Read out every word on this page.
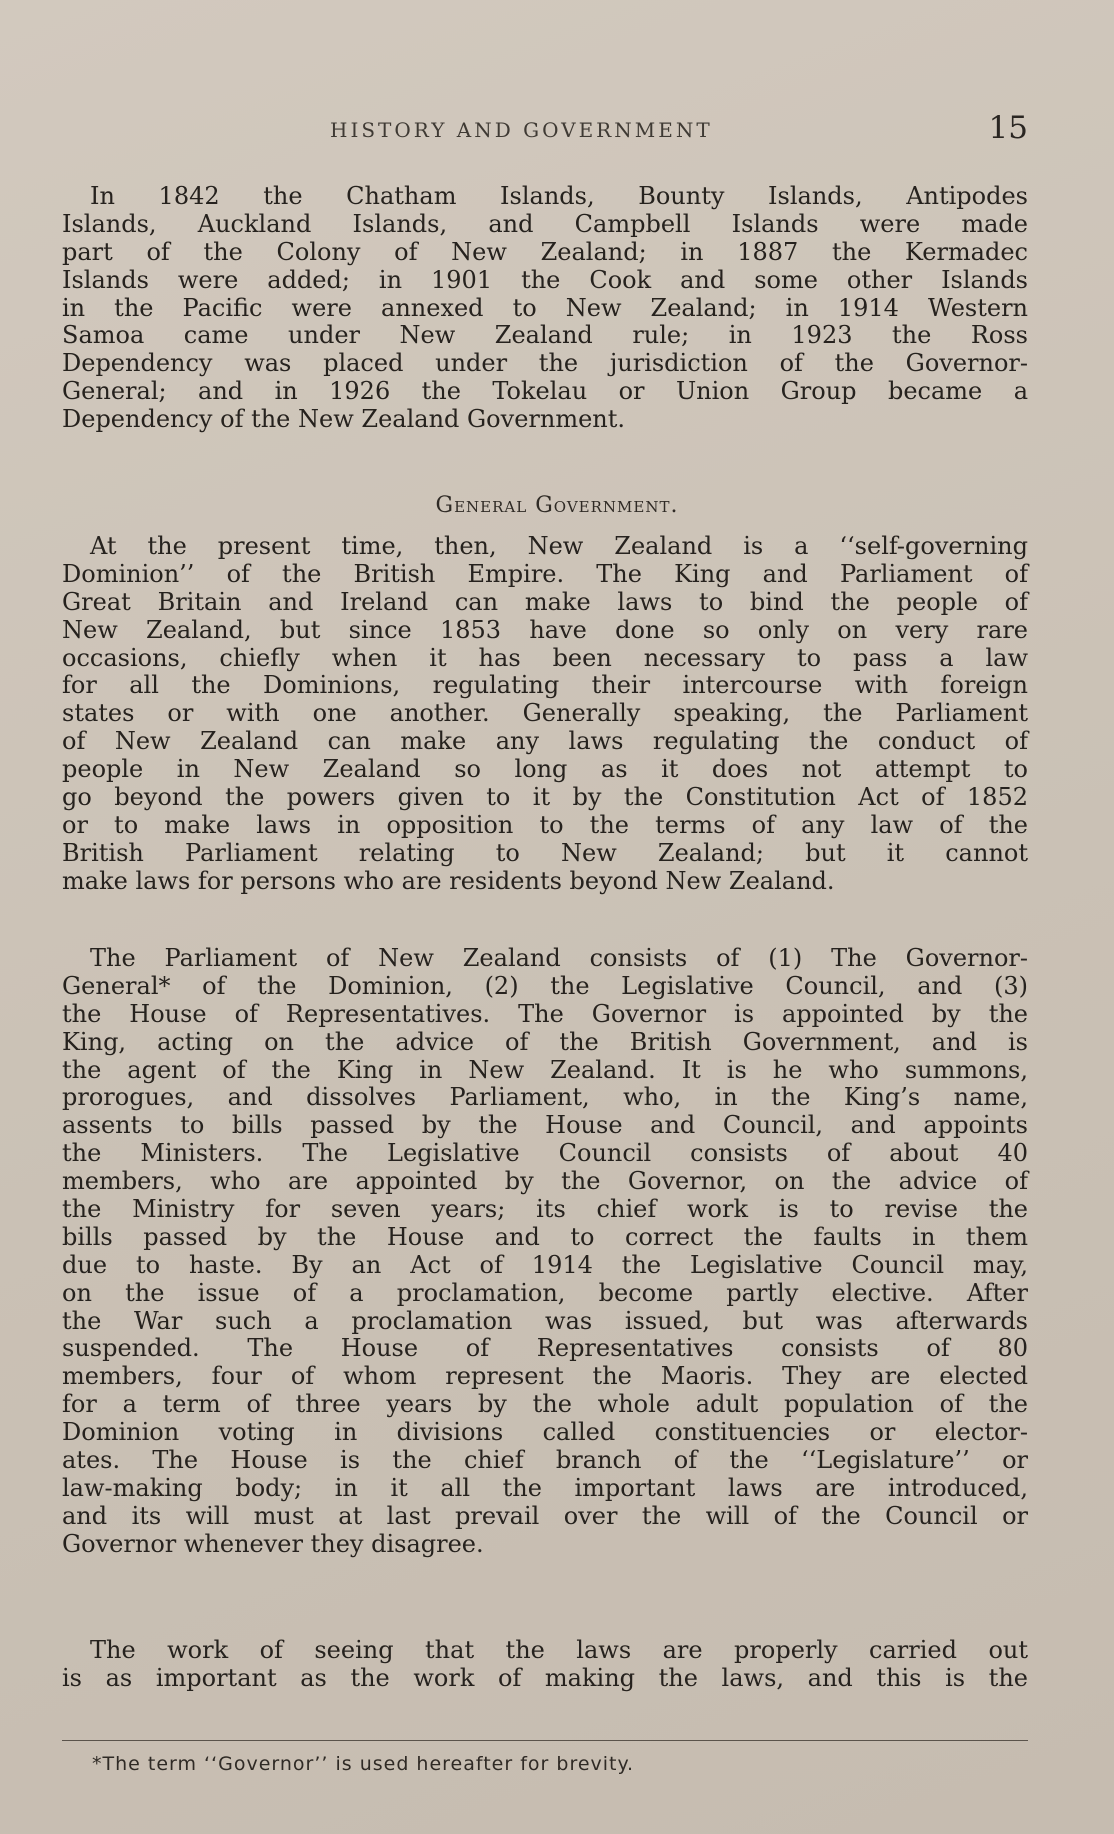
HISTORY AND GOVERNMENT	15
In 1842 the Chatham Islands, Bounty Islands, Antipodes
Islands, Auckland Islands, and Campbell Islands were made
part of the Colony of New Zealand; in 1887 the Kermadec
Islands were added; in 1901 the Cook and some other Islands
in the Pacific were annexed to New Zealand; in 1914 Western
Samoa came under New Zealand rule; in 1923 the Ross
Dependency was placed under the jurisdiction of the Governor-
General; and in 1926 the Tokelau or Union Group became a
Dependency of the New Zealand Government.
General Government.
At the present time, then, New Zealand is a ‘‘self-governing
Dominion’’ of the British Empire. The King and Parliament of
Great Britain and Ireland can make laws to bind the people of
New Zealand, but since 1853 have done so only on very rare
occasions, chiefly when it has been necessary to pass a law
for all the Dominions, regulating their intercourse with foreign
states or with one another. Generally speaking, the Parliament
of New Zealand can make any laws regulating the conduct of
people in New Zealand so long as it does not attempt to
go beyond the powers given to it by the Constitution Act of 1852
or to make laws in opposition to the terms of any law of the
British Parliament relating to New Zealand; but it cannot
make laws for persons who are residents beyond New Zealand.
The Parliament of New Zealand consists of (1) The Governor-
General* of the Dominion, (2) the Legislative Council, and (3)
the House of Representatives. The Governor is appointed by the
King, acting on the advice of the British Government, and is
the agent of the King in New Zealand. It is he who summons,
prorogues, and dissolves Parliament, who, in the King’s name,
assents to bills passed by the House and Council, and appoints
the Ministers. The Legislative Council consists of about 40
members, who are appointed by the Governor, on the advice of
the Ministry for seven years; its chief work is to revise the
bills passed by the House and to correct the faults in them
due to haste. By an Act of 1914 the Legislative Council may,
on the issue of a proclamation, become partly elective. After
the War such a proclamation was issued, but was afterwards
suspended. The House of Representatives consists of 80
members, four of whom represent the Maoris. They are elected
for a term of three years by the whole adult population of the
Dominion voting in divisions called constituencies or elector-
ates. The House is the chief branch of the ‘‘Legislature’’ or
law-making body; in it all the important laws are introduced,
and its will must at last prevail over the will of the Council or
Governor whenever they disagree.
The work of seeing that the laws are properly carried out
is as important as the work of making the laws, and this is the
*The term ‘‘Governor’’ is used hereafter for brevity.
